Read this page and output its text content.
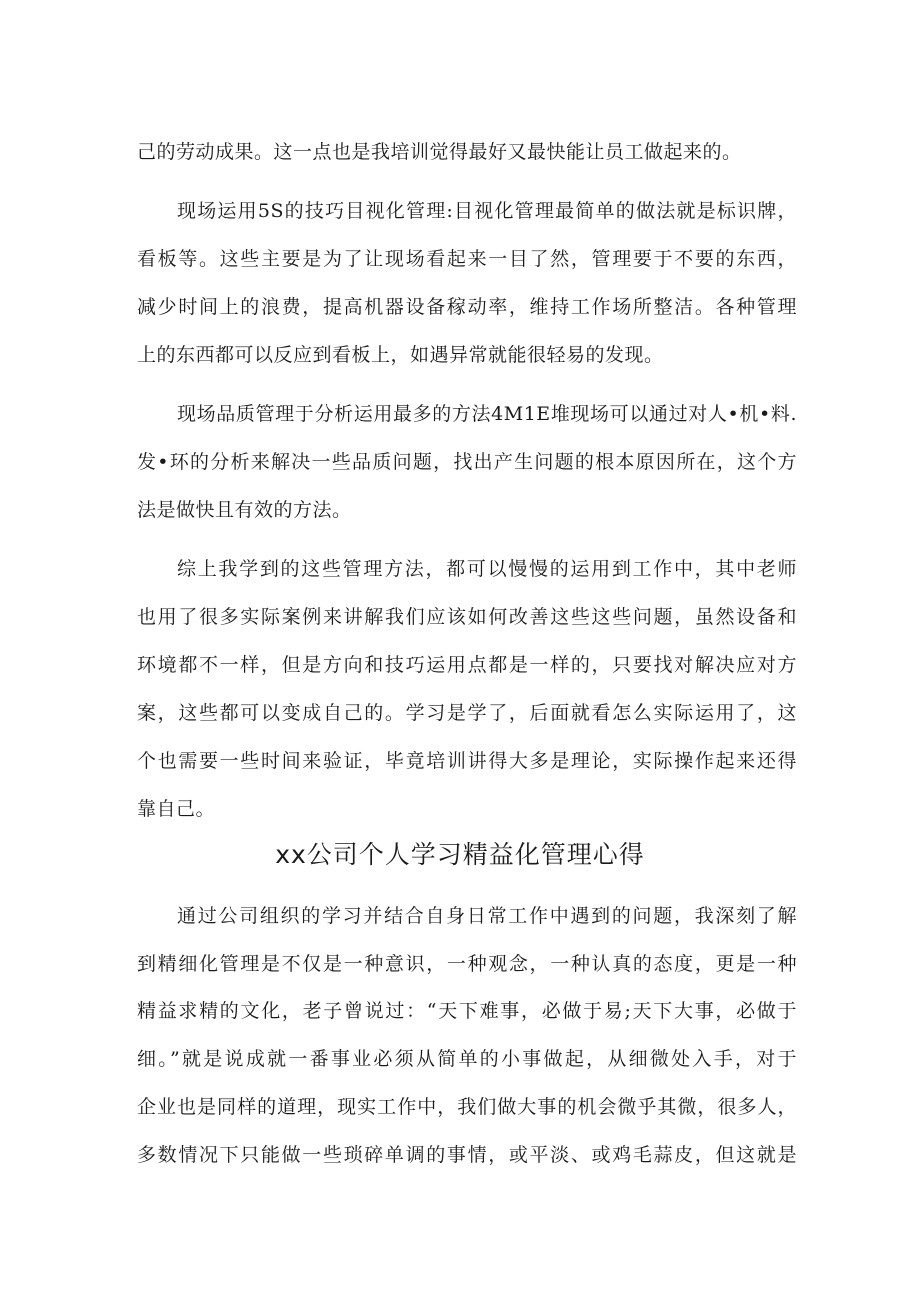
己的劳动成果。这一点也是我培训觉得最好又最快能让员工做起来的。
现场运用5S的技巧目视化管理:目视化管理最简单的做法就是标识牌，
看板等。这些主要是为了让现场看起来一目了然，管理要于不要的东西，
减少时间上的浪费，提高机器设备稼动率，维持工作场所整洁。各种管理
上的东西都可以反应到看板上，如遇异常就能很轻易的发现。
现场品质管理于分析运用最多的方法4M1E堆现场可以通过对人•机•料.
发•环的分析来解决一些品质问题，找出产生问题的根本原因所在，这个方
法是做快且有效的方法。
综上我学到的这些管理方法，都可以慢慢的运用到工作中，其中老师
也用了很多实际案例来讲解我们应该如何改善这些这些问题，虽然设备和
环境都不一样，但是方向和技巧运用点都是一样的，只要找对解决应对方
案，这些都可以变成自己的。学习是学了，后面就看怎么实际运用了，这
个也需要一些时间来验证，毕竟培训讲得大多是理论，实际操作起来还得
靠自己。
xx公司个人学习精益化管理心得
通过公司组织的学习并结合自身日常工作中遇到的问题，我深刻了解
到精细化管理是不仅是一种意识，一种观念，一种认真的态度，更是一种
精益求精的文化，老子曾说过：“天下难事，必做于易;天下大事，必做于
细。”就是说成就一番事业必须从简单的小事做起，从细微处入手，对于
企业也是同样的道理，现实工作中，我们做大事的机会微乎其微，很多人，
多数情况下只能做一些琐碎单调的事情，或平淡、或鸡毛蒜皮，但这就是
